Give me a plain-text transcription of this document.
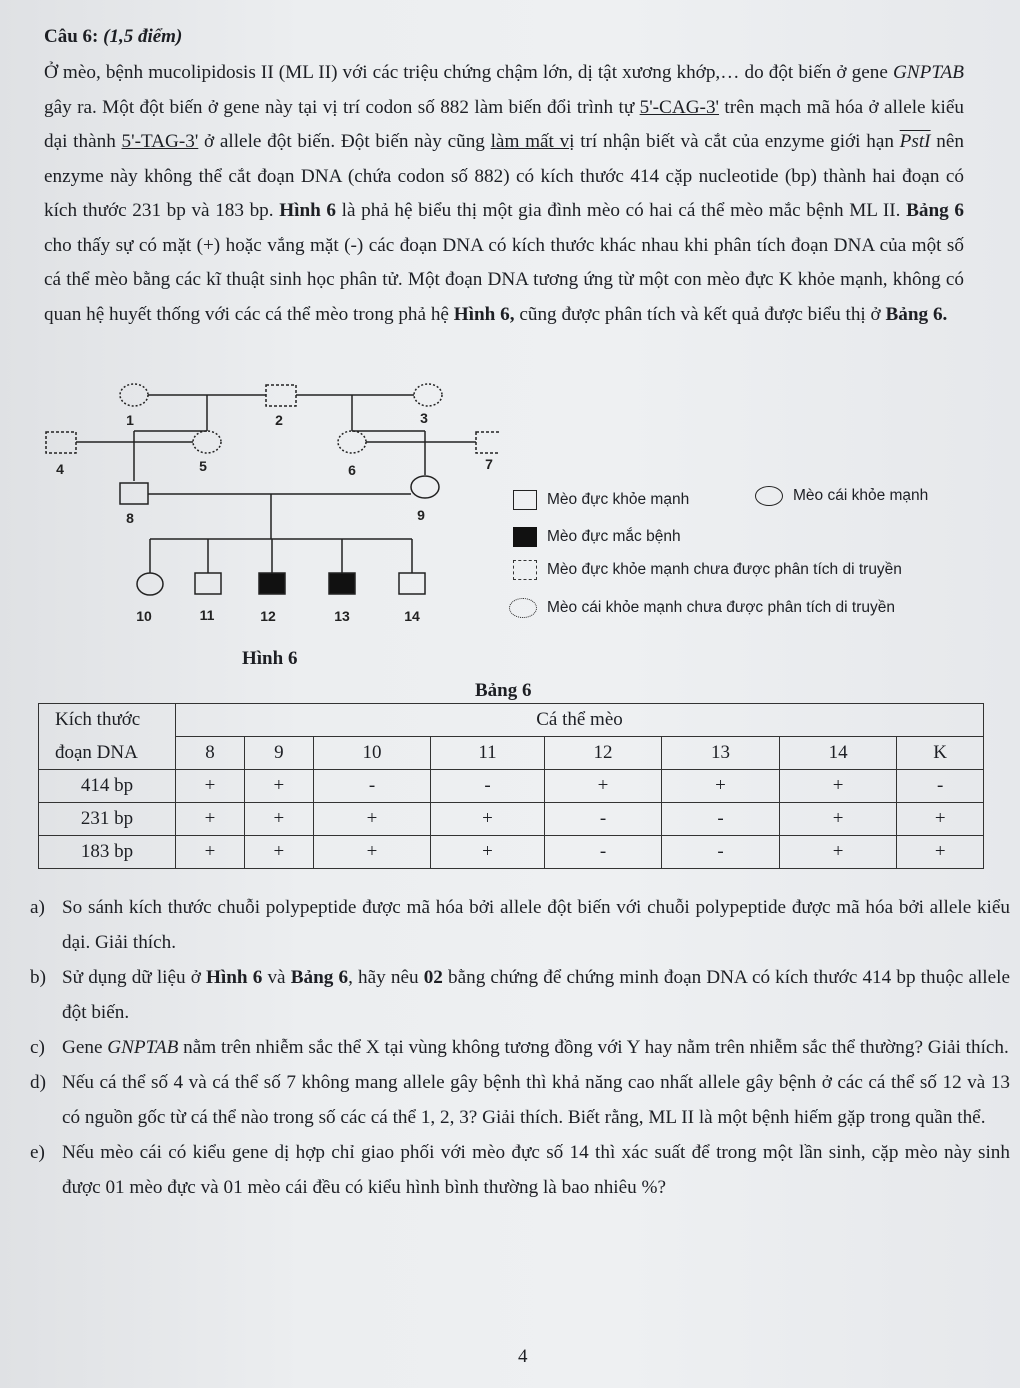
Câu 6: (1,5 điểm)

Ở mèo, bệnh mucolipidosis II (ML II) với các triệu chứng chậm lớn, dị tật xương khớp,… do đột biến ở gene GNPTAB gây ra. Một đột biến ở gene này tại vị trí codon số 882 làm biến đổi trình tự 5'-CAG-3' trên mạch mã hóa ở allele kiểu dại thành 5'-TAG-3' ở allele đột biến. Đột biến này cũng làm mất vị trí nhận biết và cắt của enzyme giới hạn PstI nên enzyme này không thể cắt đoạn DNA (chứa codon số 882) có kích thước 414 cặp nucleotide (bp) thành hai đoạn có kích thước 231 bp và 183 bp. Hình 6 là phả hệ biểu thị một gia đình mèo có hai cá thể mèo mắc bệnh ML II. Bảng 6 cho thấy sự có mặt (+) hoặc vắng mặt (-) các đoạn DNA có kích thước khác nhau khi phân tích đoạn DNA của một số cá thể mèo bằng các kĩ thuật sinh học phân tử. Một đoạn DNA tương ứng từ một con mèo đực K khỏe mạnh, không có quan hệ huyết thống với các cá thể mèo trong phả hệ Hình 6, cũng được phân tích và kết quả được biểu thị ở Bảng 6.

1	2	3
4	5	6	7
8	9
10	11	12	13	14
Mèo đực khỏe mạnh	Mèo cái khỏe mạnh
Mèo đực mắc bệnh
Mèo đực khỏe mạnh chưa được phân tích di truyền
Mèo cái khỏe mạnh chưa được phân tích di truyền
Hình 6
Bảng 6
Kích thước	Cá thể mèo							
đoạn DNA	8	9	10	11	12	13	14	K
414 bp	+	+	-	-	+	+	+	-
231 bp	+	+	+	+	-	-	+	+
183 bp	+	+	+	+	-	-	+	+
a) So sánh kích thước chuỗi polypeptide được mã hóa bởi allele đột biến với chuỗi polypeptide được mã hóa bởi allele kiểu dại. Giải thích.
b) Sử dụng dữ liệu ở Hình 6 và Bảng 6, hãy nêu 02 bằng chứng để chứng minh đoạn DNA có kích thước 414 bp thuộc allele đột biến.
c) Gene GNPTAB nằm trên nhiễm sắc thể X tại vùng không tương đồng với Y hay nằm trên nhiễm sắc thể thường? Giải thích.
d) Nếu cá thể số 4 và cá thể số 7 không mang allele gây bệnh thì khả năng cao nhất allele gây bệnh ở các cá thể số 12 và 13 có nguồn gốc từ cá thể nào trong số các cá thể 1, 2, 3? Giải thích. Biết rằng, ML II là một bệnh hiếm gặp trong quần thể.
e) Nếu mèo cái có kiểu gene dị hợp chỉ giao phối với mèo đực số 14 thì xác suất để trong một lần sinh, cặp mèo này sinh được 01 mèo đực và 01 mèo cái đều có kiểu hình bình thường là bao nhiêu %?
4
